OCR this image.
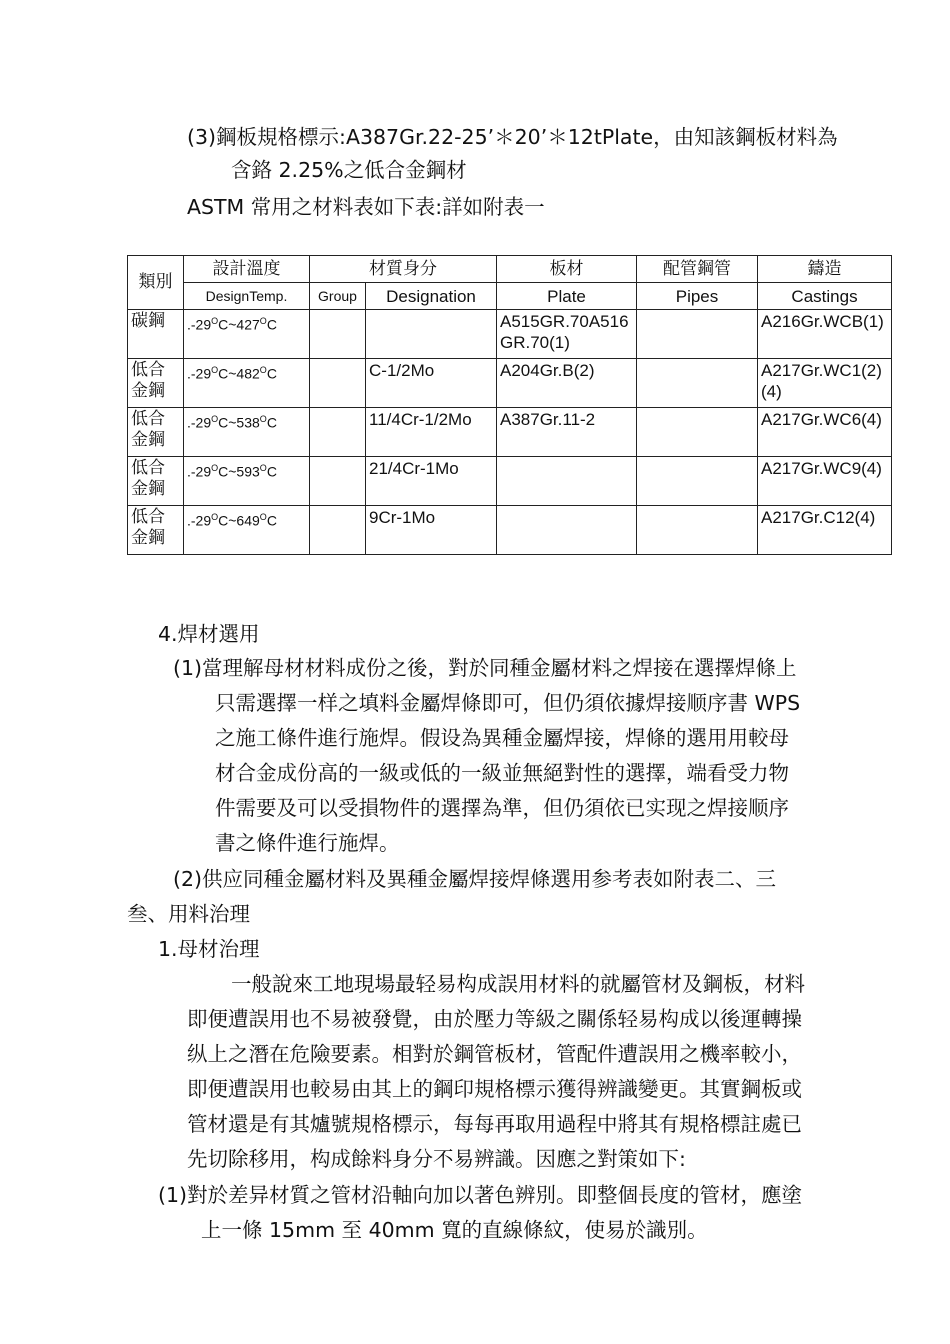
(3)鋼板規格標示:A387Gr.22-25’＊20’＊12tPlate，由知該鋼板材料為
含鉻 2.25%之低合金鋼材
ASTM 常用之材料表如下表:詳如附表一
類別	設計溫度	材質身分		板材	配管鋼管	鑄造
	DesignTemp.	Group	Designation	Plate	Pipes	Castings
碳鋼	$.-29^OC\sim 427^OC$			A515GR.70A516GR.70(1)		A216Gr.WCB(1)
低合金鋼	$.-29^OC\sim 482^OC$		C-1/2Mo	A204Gr.B(2)		A217Gr.WC1(2)(4)
低合金鋼	$.-29^OC\sim 538^OC$		11/4Cr-1/2Mo	A387Gr.11-2		A217Gr.WC6(4)
低合金鋼	$.-29^OC\sim 593^OC$		21/4Cr-1Mo			A217Gr.WC9(4)
低合金鋼	$.-29^OC\sim 649^OC$		9Cr-1Mo			A217Gr.C12(4)
4.焊材選用
(1)當理解母材材料成份之後，對於同種金屬材料之焊接在選擇焊條上
只需選擇一样之填料金屬焊條即可，但仍須依據焊接顺序書 WPS
之施工條件進行施焊。假设為異種金屬焊接，焊條的選用用較母
材合金成份高的一級或低的一級並無絕對性的選擇，端看受力物
件需要及可以受損物件的選擇為準，但仍須依已实现之焊接顺序
書之條件進行施焊。
(2)供应同種金屬材料及異種金屬焊接焊條選用参考表如附表二、三
叁、用料治理
1.母材治理
一般說來工地現場最轻易构成誤用材料的就屬管材及鋼板，材料
即便遭誤用也不易被發覺，由於壓力等級之關係轻易构成以後運轉操
纵上之潛在危險要素。相對於鋼管板材，管配件遭誤用之機率較小，
即便遭誤用也較易由其上的鋼印規格標示獲得辨識變更。其實鋼板或
管材還是有其爐號規格標示，每每再取用過程中將其有規格標註處已
先切除移用，构成餘料身分不易辨識。因應之對策如下:
(1)對於差异材質之管材沿軸向加以著色辨別。即整個長度的管材，應塗
上一條 15mm 至 40mm 寬的直線條紋，使易於識別。
